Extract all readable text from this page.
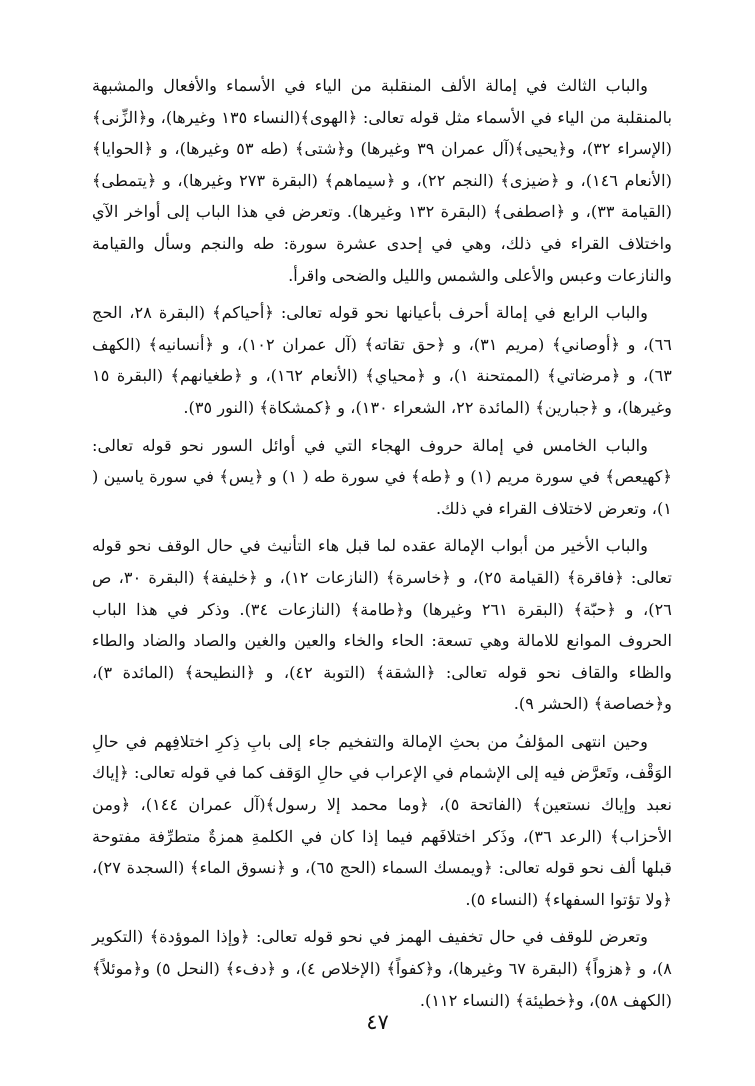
والباب الثالث في إمالة الألف المنقلبة من الياء في الأسماء والأفعال والمشبهة بالمنقلبة من الياء في الأسماء مثل قوله تعالى: ﴿الهوى﴾(النساء ١٣٥ وغيرها)، و﴿الزِّنى﴾(الإسراء ٣٢)، و﴿يحيى﴾(آل عمران ٣٩ وغيرها) و﴿شتى﴾ (طه ٥٣ وغيرها)، و ﴿الحوايا﴾ (الأنعام ١٤٦)، و ﴿ضيزى﴾ (النجم ٢٢)، و ﴿سيماهم﴾ (البقرة ٢٧٣ وغيرها)، و ﴿يتمطى﴾ (القيامة ٣٣)، و ﴿اصطفى﴾ (البقرة ١٣٢ وغيرها). وتعرض في هذا الباب إلى أواخر الآي واختلاف القراء في ذلك، وهي في إحدى عشرة سورة: طه والنجم وسأل والقيامة والنازعات وعبس والأعلى والشمس والليل والضحى واقرأ.

والباب الرابع في إمالة أحرف بأعيانها نحو قوله تعالى: ﴿أحياكم﴾ (البقرة ٢٨، الحج ٦٦)، و ﴿أوصاني﴾ (مريم ٣١)، و ﴿حق تقاته﴾ (آل عمران ١٠٢)، و ﴿أنسانيه﴾ (الكهف ٦٣)، و ﴿مرضاتي﴾ (الممتحنة ١)، و ﴿محياي﴾ (الأنعام ١٦٢)، و ﴿طغيانهم﴾ (البقرة ١٥ وغيرها)، و ﴿جبارين﴾ (المائدة ٢٢، الشعراء ١٣٠)، و ﴿كمشكاة﴾ (النور ٣٥).

والباب الخامس في إمالة حروف الهجاء التي في أوائل السور نحو قوله تعالى: ﴿كهيعص﴾ في سورة مريم (١) و ﴿طه﴾ في سورة طه ( ١) و ﴿يس﴾ في سورة ياسين ( ١)، وتعرض لاختلاف القراء في ذلك.

والباب الأخير من أبواب الإمالة عقده لما قبل هاء التأنيث في حال الوقف نحو قوله تعالى: ﴿فاقرة﴾ (القيامة ٢٥)، و ﴿خاسرة﴾ (النازعات ١٢)، و ﴿خليفة﴾ (البقرة ٣٠، ص ٢٦)، و ﴿حبّة﴾ (البقرة ٢٦١ وغيرها) و﴿طامة﴾ (النازعات ٣٤). وذكر في هذا الباب الحروف الموانع للامالة وهي تسعة: الحاء والخاء والعين والغين والصاد والضاد والطاء والظاء والقاف نحو قوله تعالى: ﴿الشقة﴾ (التوبة ٤٢)، و ﴿النطيحة﴾ (المائدة ٣)، و﴿خصاصة﴾ (الحشر ٩).

وحين انتهى المؤلفُ من بحثِ الإمالة والتفخيم جاء إلى بابِ ذِكرِ اختلافِهم في حالِ الوَقْف، وتَعرَّض فيه إلى الإشمام في الإعراب في حالِ الوَقف كما في قوله تعالى: ﴿إياك نعبد وإياك نستعين﴾ (الفاتحة ٥)، ﴿وما محمد إلا رسول﴾(آل عمران ١٤٤)، ﴿ومن الأحزاب﴾ (الرعد ٣٦)، وذَكر اختلافَهم فيما إذا كان في الكلمةِ همزةٌ متطرِّفة مفتوحة قبلها ألف نحو قوله تعالى: ﴿ويمسك السماء (الحج ٦٥)، و ﴿نسوق الماء﴾ (السجدة ٢٧)، ﴿ولا تؤتوا السفهاء﴾ (النساء ٥).

وتعرض للوقف في حال تخفيف الهمز في نحو قوله تعالى: ﴿وإذا الموؤدة﴾ (التكوير ٨)، و ﴿هزواً﴾ (البقرة ٦٧ وغيرها)، و﴿كفواً﴾ (الإخلاص ٤)، و ﴿دفء﴾ (النحل ٥) و﴿موئلاً﴾ (الكهف ٥٨)، و﴿خطيئة﴾ (النساء ١١٢).

٤٧
